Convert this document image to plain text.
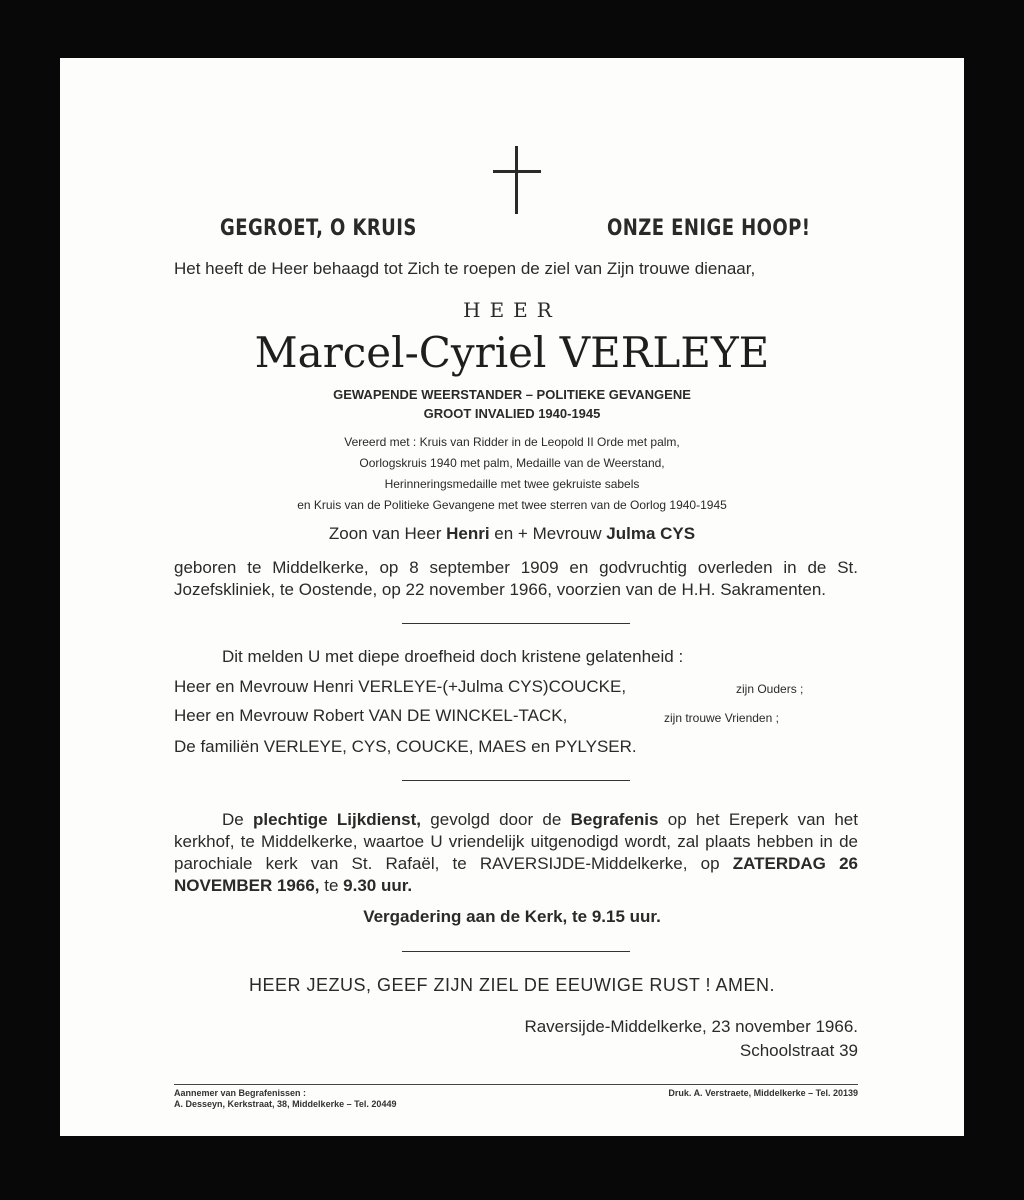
GEGROET, O KRUIS	ONZE ENIGE HOOP!
Het heeft de Heer behaagd tot Zich te roepen de ziel van Zijn trouwe dienaar,
HEER
Marcel-Cyriel VERLEYE
GEWAPENDE WEERSTANDER – POLITIEKE GEVANGENE
GROOT INVALIED 1940-1945
Vereerd met : Kruis van Ridder in de Leopold II Orde met palm,
Oorlogskruis 1940 met palm, Medaille van de Weerstand,
Herinneringsmedaille met twee gekruiste sabels
en Kruis van de Politieke Gevangene met twee sterren van de Oorlog 1940-1945
Zoon van Heer Henri en + Mevrouw Julma CYS
geboren te Middelkerke, op 8 september 1909 en godvruchtig overleden in de St. Jozefskliniek, te Oostende, op 22 november 1966, voorzien van de H.H. Sakramenten.
Dit melden U met diepe droefheid doch kristene gelatenheid :
Heer en Mevrouw Henri VERLEYE-(+Julma CYS)COUCKE,	zijn Ouders ;
Heer en Mevrouw Robert VAN DE WINCKEL-TACK,	zijn trouwe Vrienden ;
De familiën VERLEYE, CYS, COUCKE, MAES en PYLYSER.
De plechtige Lijkdienst, gevolgd door de Begrafenis op het Ereperk van het kerkhof, te Middelkerke, waartoe U vriendelijk uitgenodigd wordt, zal plaats hebben in de parochiale kerk van St. Rafaël, te RAVERSIJDE-Middelkerke, op ZATERDAG 26 NOVEMBER 1966, te 9.30 uur.
Vergadering aan de Kerk, te 9.15 uur.
HEER JEZUS, GEEF ZIJN ZIEL DE EEUWIGE RUST ! AMEN.
Raversijde-Middelkerke, 23 november 1966.
Schoolstraat 39
Aannemer van Begrafenissen :
A. Desseyn, Kerkstraat, 38, Middelkerke – Tel. 20449
Druk. A. Verstraete, Middelkerke – Tel. 20139
